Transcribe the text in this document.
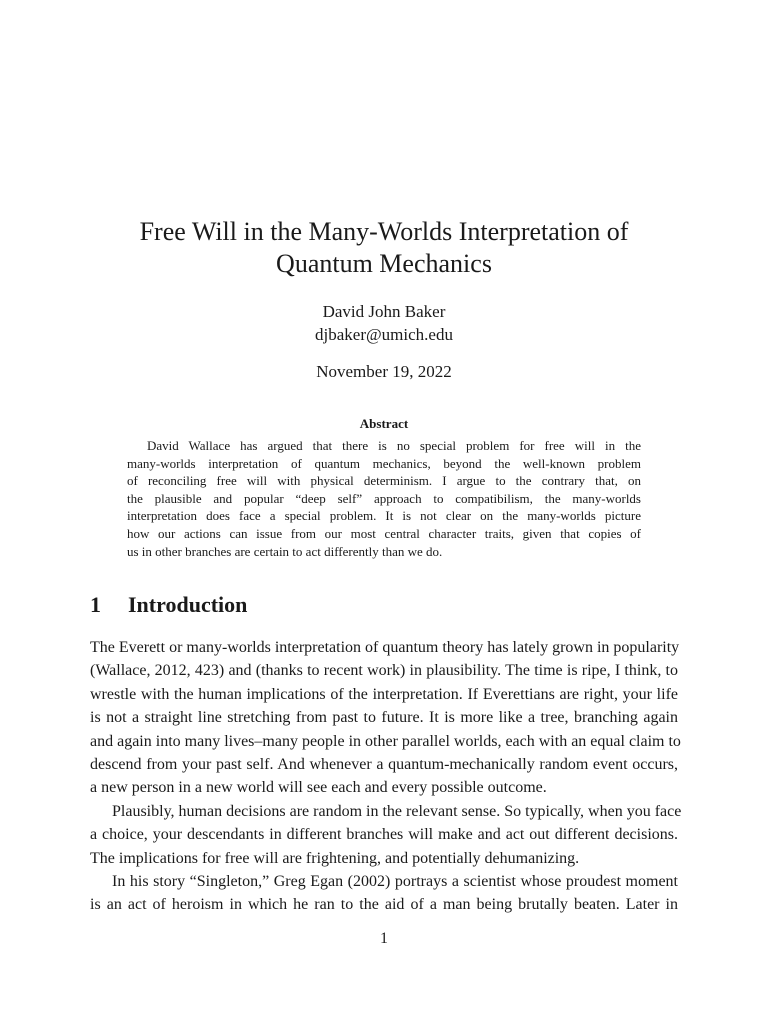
Free Will in the Many-Worlds Interpretation of
Quantum Mechanics
David John Baker
djbaker@umich.edu
November 19, 2022
Abstract
David Wallace has argued that there is no special problem for free will in the
many-worlds interpretation of quantum mechanics, beyond the well-known problem
of reconciling free will with physical determinism. I argue to the contrary that, on
the plausible and popular “deep self” approach to compatibilism, the many-worlds
interpretation does face a special problem. It is not clear on the many-worlds picture
how our actions can issue from our most central character traits, given that copies of
us in other branches are certain to act differently than we do.
1 Introduction
The Everett or many-worlds interpretation of quantum theory has lately grown in popularity
(Wallace, 2012, 423) and (thanks to recent work) in plausibility. The time is ripe, I think, to
wrestle with the human implications of the interpretation. If Everettians are right, your life
is not a straight line stretching from past to future. It is more like a tree, branching again
and again into many lives–many people in other parallel worlds, each with an equal claim to
descend from your past self. And whenever a quantum-mechanically random event occurs,
a new person in a new world will see each and every possible outcome.
Plausibly, human decisions are random in the relevant sense. So typically, when you face
a choice, your descendants in different branches will make and act out different decisions.
The implications for free will are frightening, and potentially dehumanizing.
In his story “Singleton,” Greg Egan (2002) portrays a scientist whose proudest moment
is an act of heroism in which he ran to the aid of a man being brutally beaten. Later in
1
